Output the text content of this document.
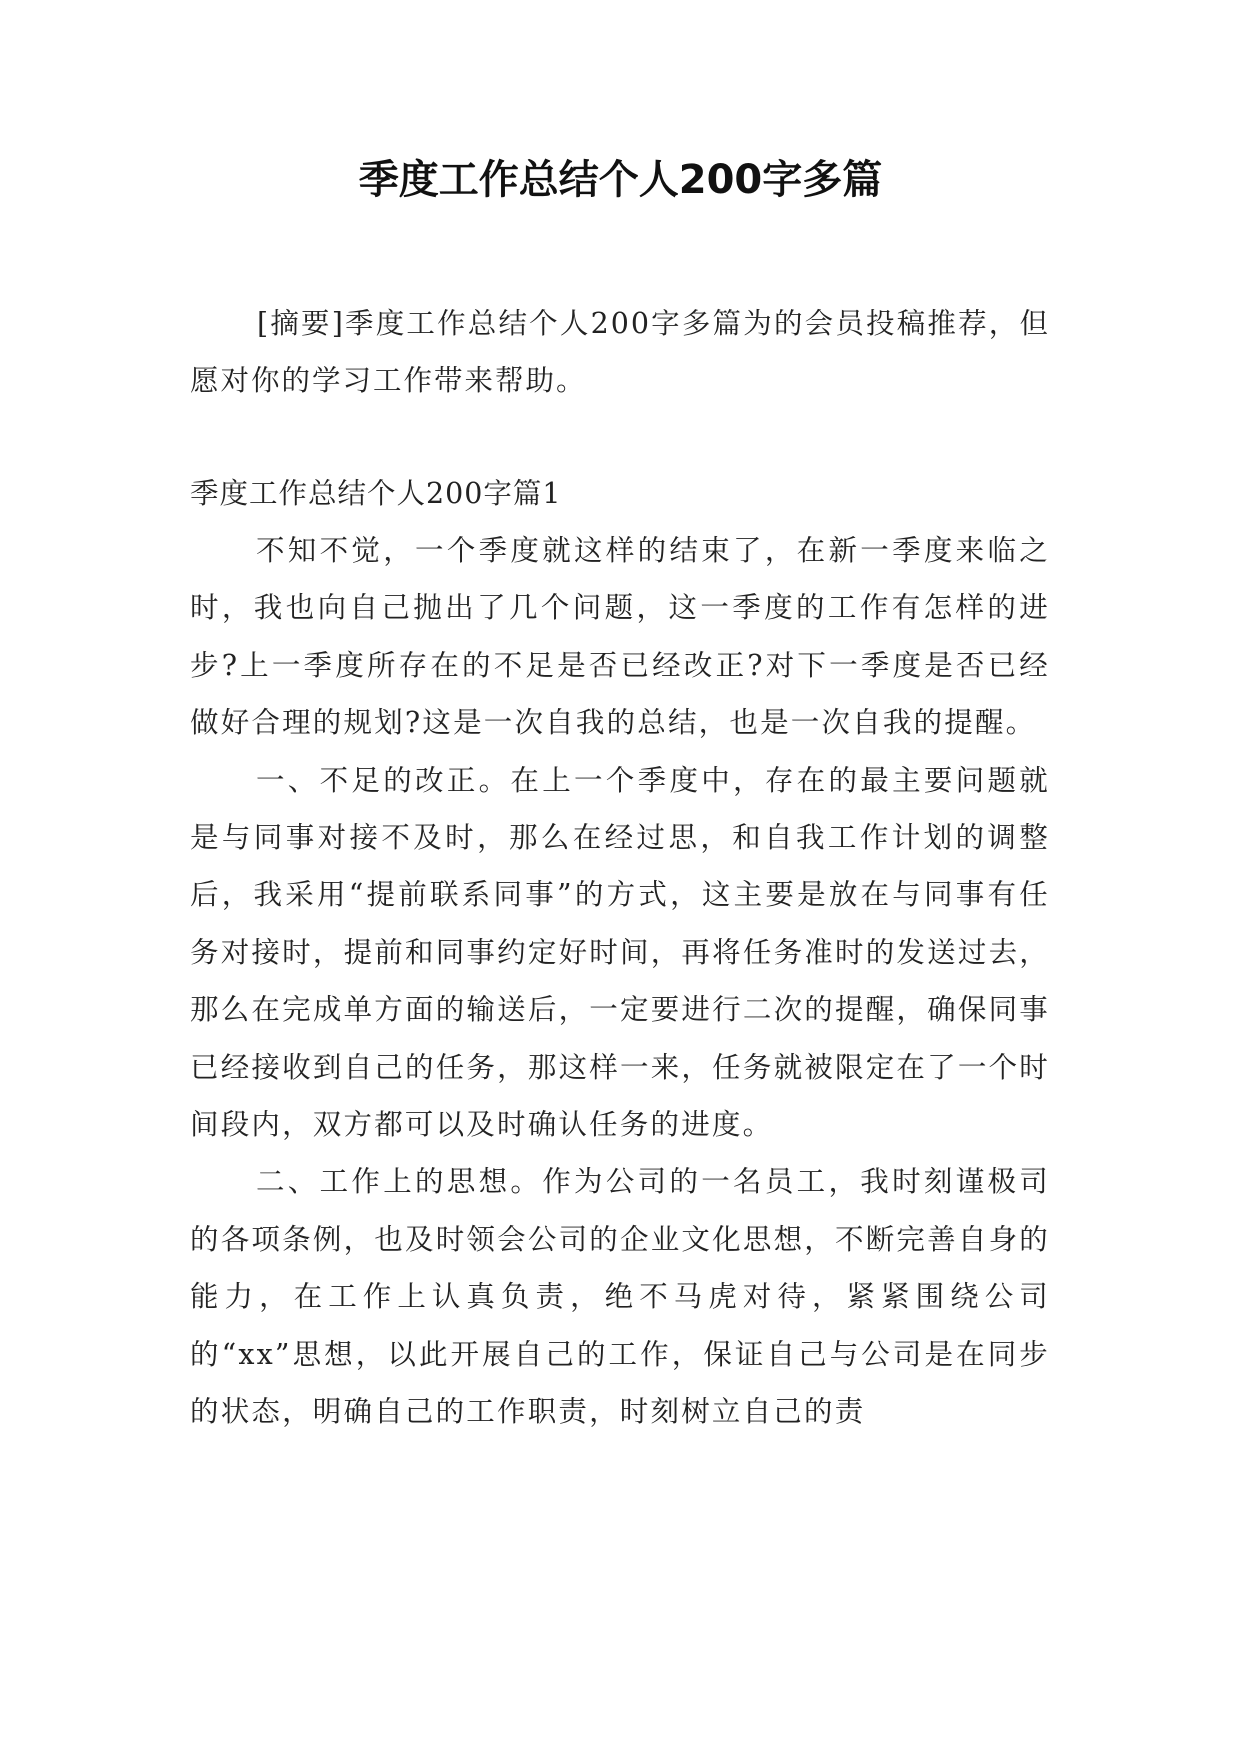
季度工作总结个人200字多篇

[摘要]季度工作总结个人200字多篇为的会员投稿推荐，但愿对你的学习工作带来帮助。

季度工作总结个人200字篇1

不知不觉，一个季度就这样的结束了，在新一季度来临之时，我也向自己抛出了几个问题，这一季度的工作有怎样的进步?上一季度所存在的不足是否已经改正?对下一季度是否已经做好合理的规划?这是一次自我的总结，也是一次自我的提醒。

一、不足的改正。在上一个季度中，存在的最主要问题就是与同事对接不及时，那么在经过思，和自我工作计划的调整后，我采用“提前联系同事”的方式，这主要是放在与同事有任务对接时，提前和同事约定好时间，再将任务准时的发送过去，那么在完成单方面的输送后，一定要进行二次的提醒，确保同事已经接收到自己的任务，那这样一来，任务就被限定在了一个时间段内，双方都可以及时确认任务的进度。

二、工作上的思想。作为公司的一名员工，我时刻谨极司的各项条例，也及时领会公司的企业文化思想，不断完善自身的能力，在工作上认真负责，绝不马虎对待，紧紧围绕公司的“xx”思想，以此开展自己的工作，保证自己与公司是在同步的状态，明确自己的工作职责，时刻树立自己的责
